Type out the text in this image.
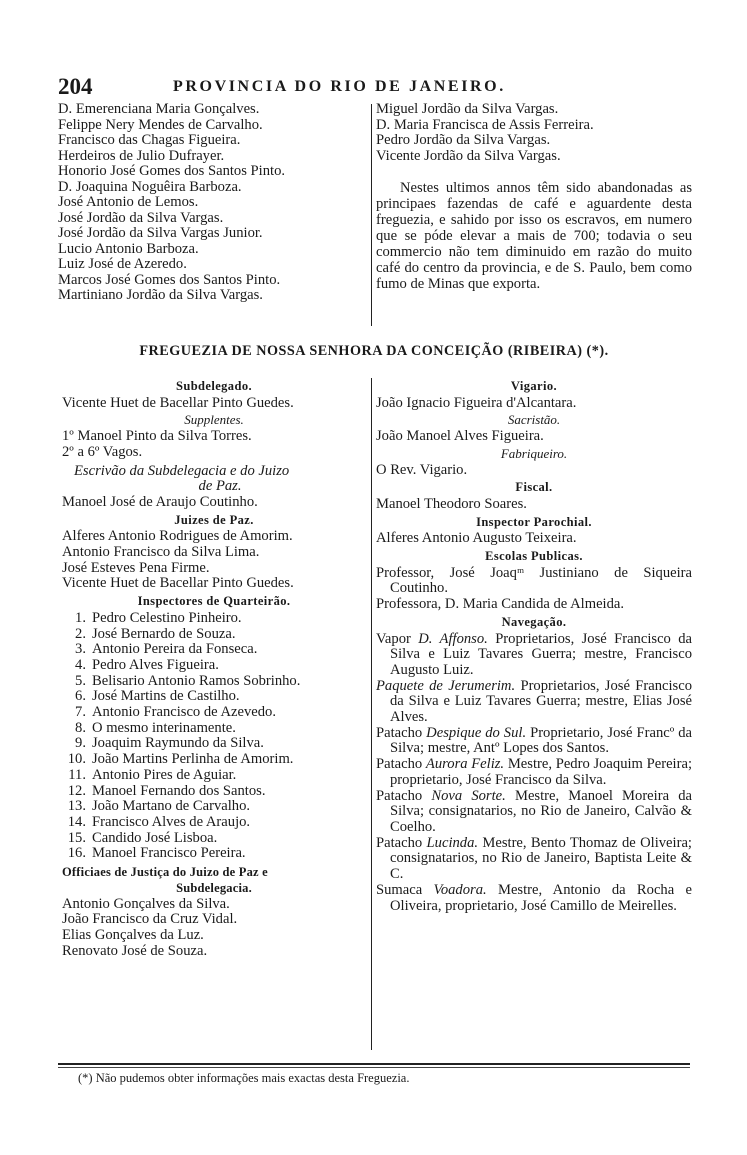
204	PROVINCIA DO RIO DE JANEIRO.
D. Emerenciana Maria Gonçalves.
Felippe Nery Mendes de Carvalho.
Francisco das Chagas Figueira.
Herdeiros de Julio Dufrayer.
Honorio José Gomes dos Santos Pinto.
D. Joaquina Noguêira Barboza.
José Antonio de Lemos.
José Jordão da Silva Vargas.
José Jordão da Silva Vargas Junior.
Lucio Antonio Barboza.
Luiz José de Azeredo.
Marcos José Gomes dos Santos Pinto.
Martiniano Jordão da Silva Vargas.
Miguel Jordão da Silva Vargas.
D. Maria Francisca de Assis Ferreira.
Pedro Jordão da Silva Vargas.
Vicente Jordão da Silva Vargas.
Nestes ultimos annos têm sido abandonadas as principaes fazendas de café e aguardente desta freguezia, e sahido por isso os escravos, em numero que se póde elevar a mais de 700; todavia o seu commercio não tem diminuido em razão do muito café do centro da provincia, e de S. Paulo, bem como fumo de Minas que exporta.
FREGUEZIA DE NOSSA SENHORA DA CONCEIÇÃO (RIBEIRA) (*).
Subdelegado.
Vicente Huet de Bacellar Pinto Guedes.
Supplentes.
1º Manoel Pinto da Silva Torres.
2º a 6º Vagos.
Escrivão da Subdelegacia e do Juizo
de Paz.
Manoel José de Araujo Coutinho.
Juizes de Paz.
Alferes Antonio Rodrigues de Amorim.
Antonio Francisco da Silva Lima.
José Esteves Pena Firme.
Vicente Huet de Bacellar Pinto Guedes.
Inspectores de Quarteirão.
1. Pedro Celestino Pinheiro.
2. José Bernardo de Souza.
3. Antonio Pereira da Fonseca.
4. Pedro Alves Figueira.
5. Belisario Antonio Ramos Sobrinho.
6. José Martins de Castilho.
7. Antonio Francisco de Azevedo.
8. O mesmo interinamente.
9. Joaquim Raymundo da Silva.
10. João Martins Perlinha de Amorim.
11. Antonio Pires de Aguiar.
12. Manoel Fernando dos Santos.
13. João Martano de Carvalho.
14. Francisco Alves de Araujo.
15. Candido José Lisboa.
16. Manoel Francisco Pereira.
Officiaes de Justiça do Juizo de Paz e
Subdelegacia.
Antonio Gonçalves da Silva.
João Francisco da Cruz Vidal.
Elias Gonçalves da Luz.
Renovato José de Souza.
Vigario.
João Ignacio Figueira d'Alcantara.
Sacristão.
João Manoel Alves Figueira.
Fabriqueiro.
O Rev. Vigario.
Fiscal.
Manoel Theodoro Soares.
Inspector Parochial.
Alferes Antonio Augusto Teixeira.
Escolas Publicas.
Professor, José Joaqᵐ Justiniano de Siqueira Coutinho.
Professora, D. Maria Candida de Almeida.
Navegação.
Vapor D. Affonso. Proprietarios, José Francisco da Silva e Luiz Tavares Guerra; mestre, Francisco Augusto Luiz.
Paquete de Jerumerim. Proprietarios, José Francisco da Silva e Luiz Tavares Guerra; mestre, Elias José Alves.
Patacho Despique do Sul. Proprietario, José Francº da Silva; mestre, Antº Lopes dos Santos.
Patacho Aurora Feliz. Mestre, Pedro Joaquim Pereira; proprietario, José Francisco da Silva.
Patacho Nova Sorte. Mestre, Manoel Moreira da Silva; consignatarios, no Rio de Janeiro, Calvão & Coelho.
Patacho Lucinda. Mestre, Bento Thomaz de Oliveira; consignatarios, no Rio de Janeiro, Baptista Leite & C.
Sumaca Voadora. Mestre, Antonio da Rocha e Oliveira, proprietario, José Camillo de Meirelles.
(*) Não pudemos obter informações mais exactas desta Freguezia.
